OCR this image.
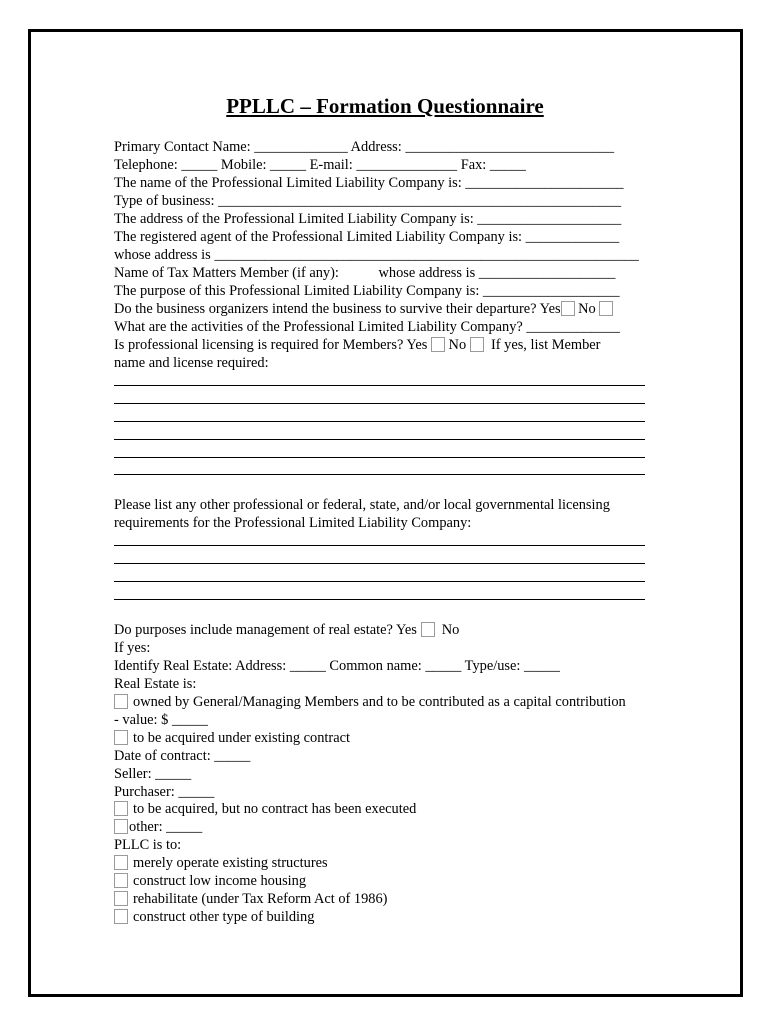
PPLLC – Formation Questionnaire
Primary Contact Name: _____________ Address: _____________________________
Telephone: _____ Mobile: _____ E-mail: ______________ Fax: _____
The name of the Professional Limited Liability Company is: ______________________
Type of business: ________________________________________________________
The address of the Professional Limited Liability Company is: ____________________
The registered agent of the Professional Limited Liability Company is: _____________
whose address is ___________________________________________________________
Name of Tax Matters Member (if any):           whose address is ___________________
The purpose of this Professional Limited Liability Company is: ___________________
Do the business organizers intend the business to survive their departure? Yes No
What are the activities of the Professional Limited Liability Company? _____________
Is professional licensing is required for Members? Yes  No   If yes, list Member
name and license required:
Please list any other professional or federal, state, and/or local governmental licensing
requirements for the Professional Limited Liability Company:
Do purposes include management of real estate? Yes   No
If yes:
Identify Real Estate: Address: _____ Common name: _____ Type/use: _____
Real Estate is:
owned by General/Managing Members and to be contributed as a capital contribution
- value: $ _____
to be acquired under existing contract
Date of contract: _____
Seller: _____
Purchaser: _____
to be acquired, but no contract has been executed
other: _____
PLLC is to:
merely operate existing structures
construct low income housing
rehabilitate (under Tax Reform Act of 1986)
construct other type of building
